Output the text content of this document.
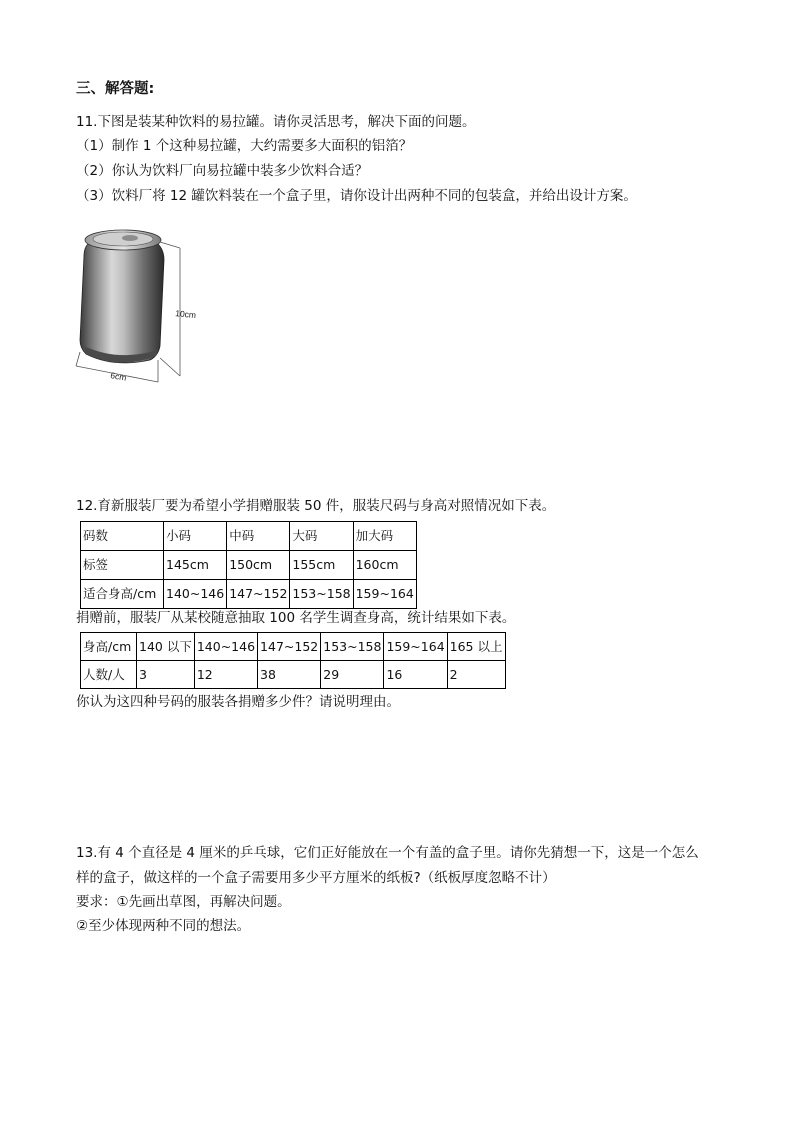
三、解答题:
11.下图是装某种饮料的易拉罐。请你灵活思考，解决下面的问题。
（1）制作 1 个这种易拉罐，大约需要多大面积的铝箔？
（2）你认为饮料厂向易拉罐中装多少饮料合适？
（3）饮料厂将 12 罐饮料装在一个盒子里，请你设计出两种不同的包装盒，并给出设计方案。
10cm
6cm
12.育新服装厂要为希望小学捐赠服装 50 件，服装尺码与身高对照情况如下表。
码数	小码	中码	大码	加大码
标签	145cm	150cm	155cm	160cm
适合身高/cm	140~146	147~152	153~158	159~164
捐赠前，服装厂从某校随意抽取 100 名学生调查身高，统计结果如下表。
身高/cm	140 以下	140~146	147~152	153~158	159~164	165 以上
人数/人	3	12	38	29	16	2
你认为这四种号码的服装各捐赠多少件？请说明理由。
13.有 4 个直径是 4 厘米的乒乓球，它们正好能放在一个有盖的盒子里。请你先猜想一下，这是一个怎么
样的盒子，做这样的一个盒子需要用多少平方厘米的纸板?（纸板厚度忽略不计）
要求：①先画出草图，再解决问题。
②至少体现两种不同的想法。
